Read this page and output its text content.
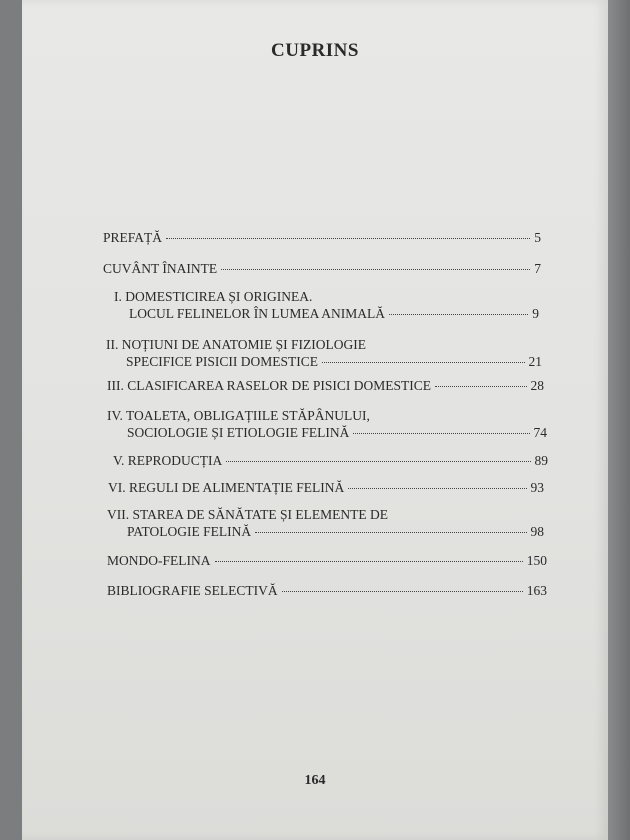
CUPRINS
PREFAȚĂ	5
CUVÂNT ÎNAINTE	7
I. DOMESTICIREA ȘI ORIGINEA.
LOCUL FELINELOR ÎN LUMEA ANIMALĂ	9
II. NOȚIUNI DE ANATOMIE ȘI FIZIOLOGIE
SPECIFICE PISICII DOMESTICE	21
III. CLASIFICAREA RASELOR DE PISICI DOMESTICE	28
IV. TOALETA, OBLIGAȚIILE STĂPÂNULUI,
SOCIOLOGIE ȘI ETIOLOGIE FELINĂ	74
V. REPRODUCȚIA	89
VI. REGULI DE ALIMENTAȚIE FELINĂ	93
VII. STAREA DE SĂNĂTATE ȘI ELEMENTE DE
PATOLOGIE FELINĂ	98
MONDO-FELINA	150
BIBLIOGRAFIE SELECTIVĂ	163
164
